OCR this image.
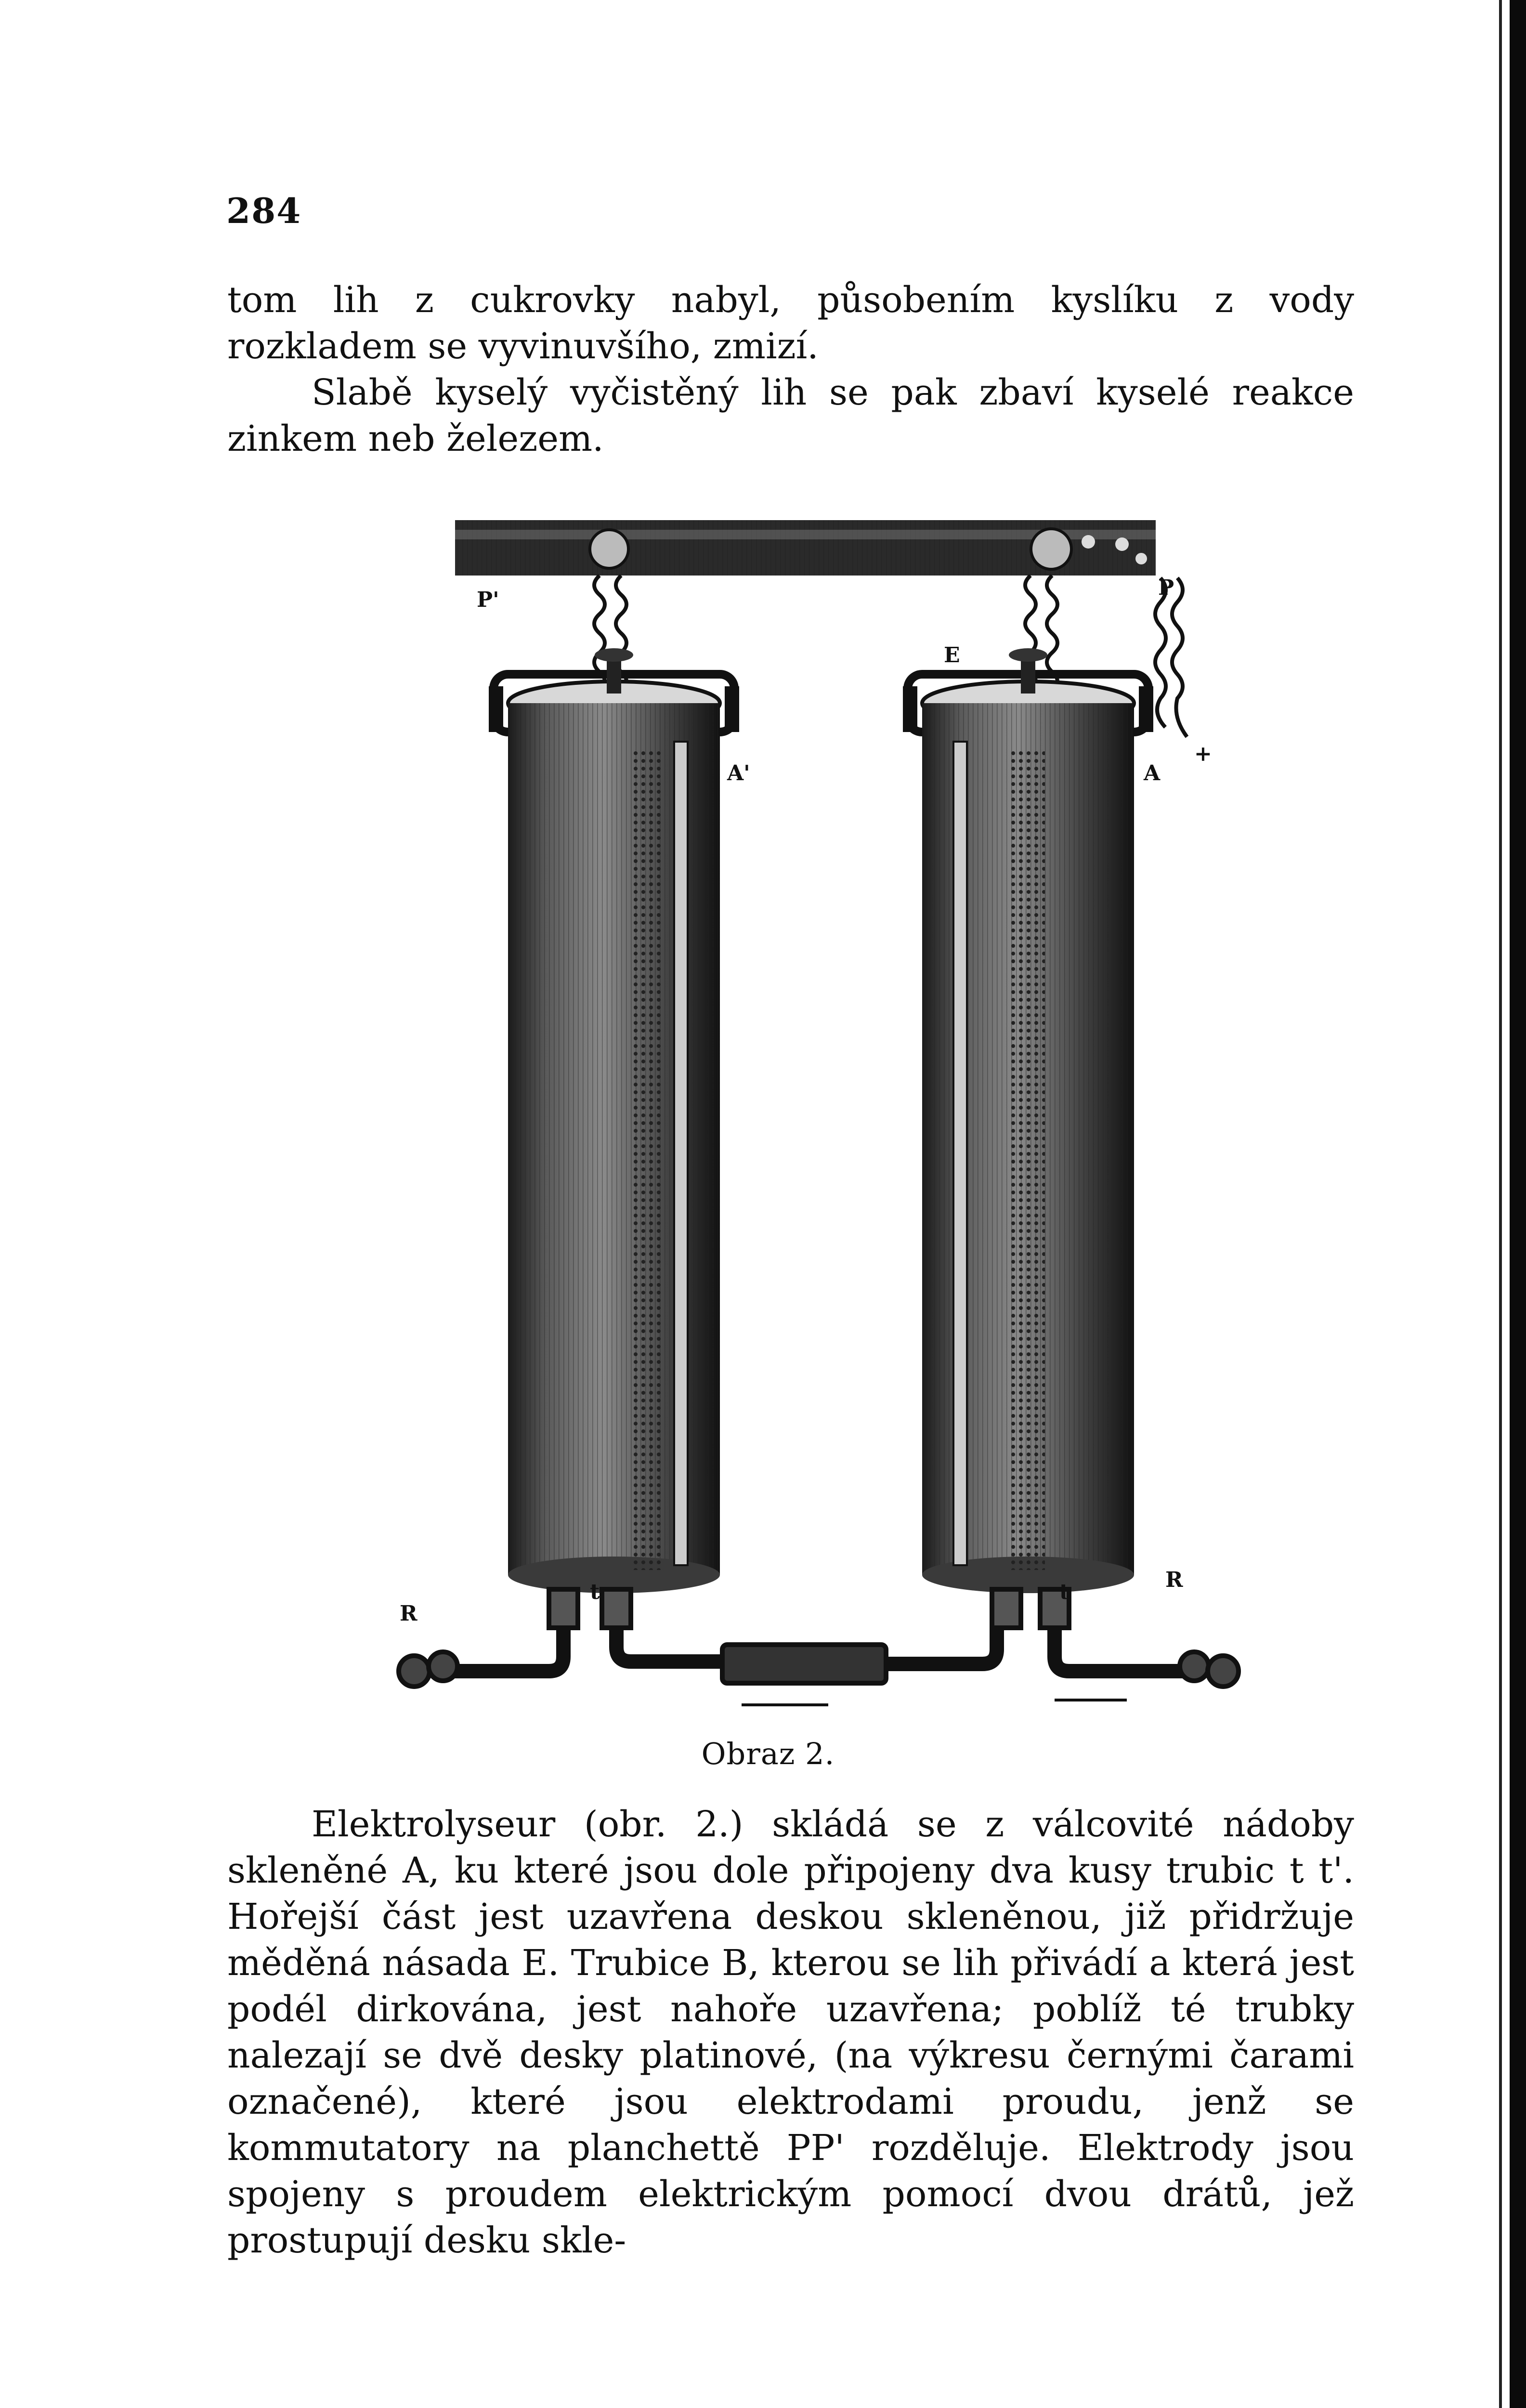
284

tom lih z cukrovky nabyl, působením kyslíku z vody rozkladem se vyvinuvšího, zmizí.

Slabě kyselý vyčistěný lih se pak zbaví kyselé reakce zinkem neb železem.

P'	P
+
A'
E
A
R
R
t	t
Obraz 2.

Elektrolyseur (obr. 2.) skládá se z válcovité nádoby skleněné A, ku které jsou dole připojeny dva kusy trubic t t'. Hořejší část jest uzavřena deskou skleněnou, již přidržuje měděná násada E. Trubice B, kterou se lih přivádí a která jest podél dirkována, jest nahoře uzavřena; poblíž té trubky nalezají se dvě desky platinové, (na výkresu černými čarami označené), které jsou elektrodami proudu, jenž se kommutatory na planchettě PP' rozděluje. Elektrody jsou spojeny s proudem elektrickým pomocí dvou drátů, jež prostupují desku skle-
